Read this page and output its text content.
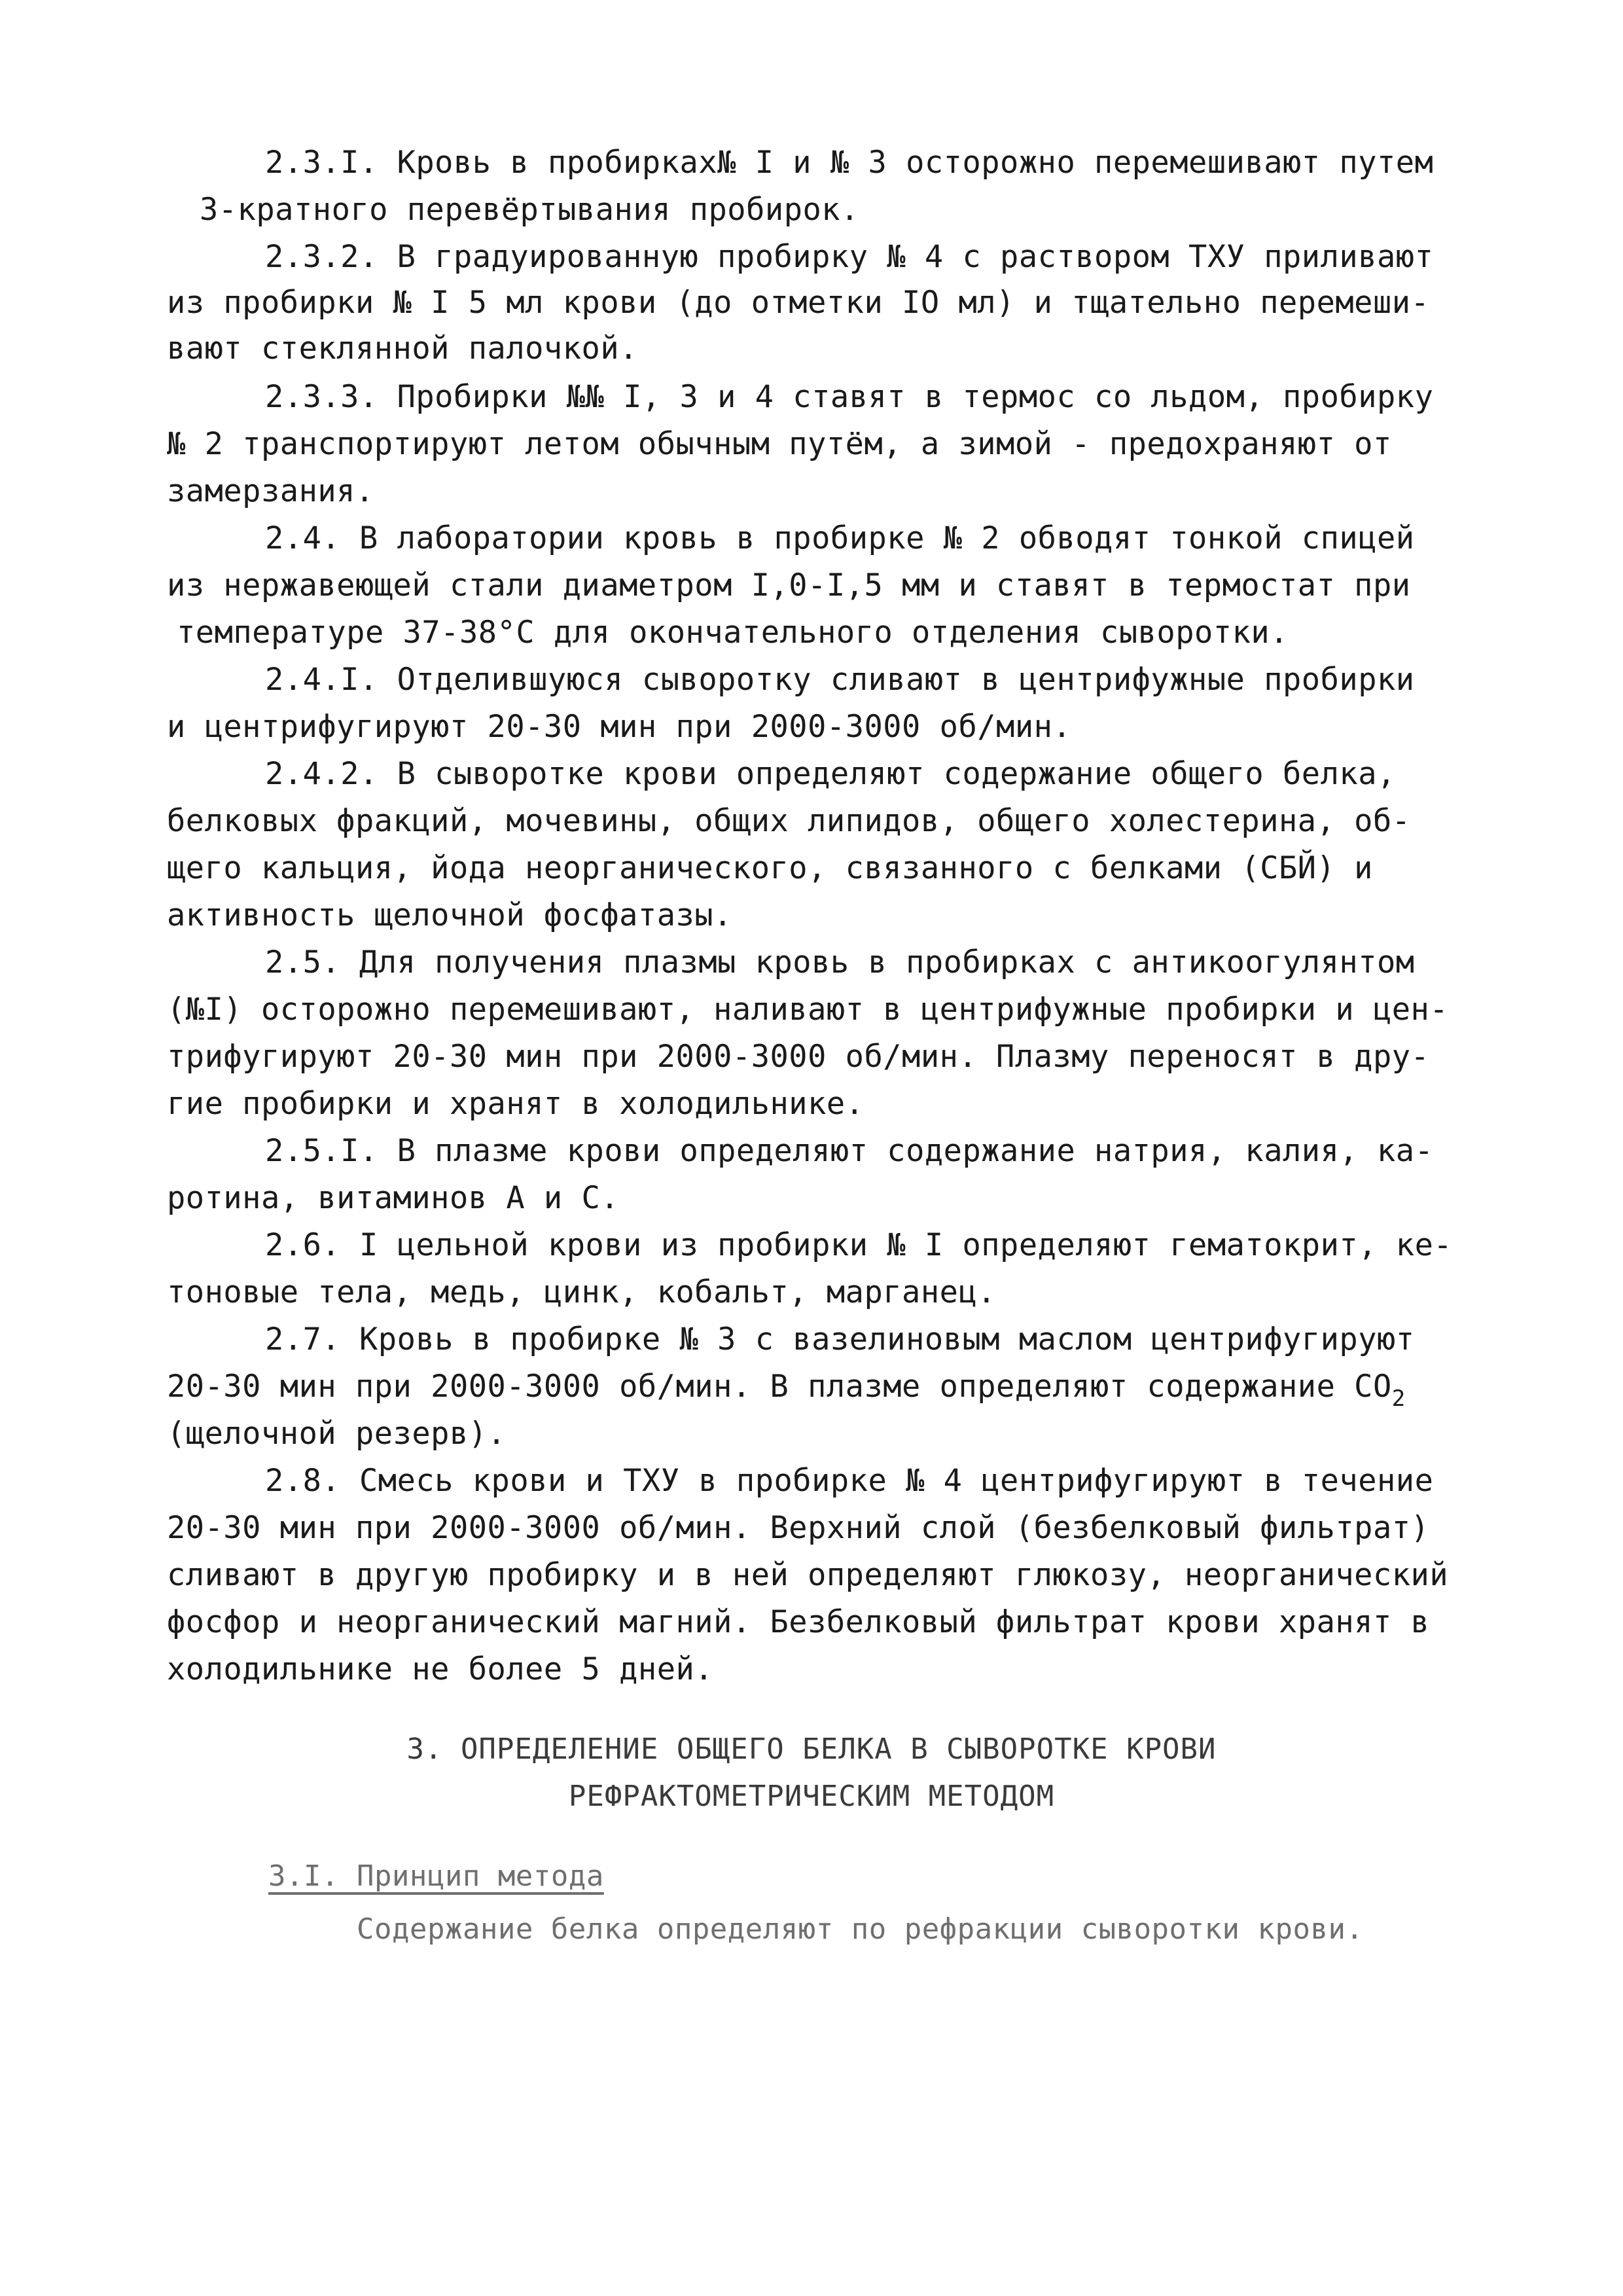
2.3.I. Кровь в пробирках№ I и № 3 осторожно перемешивают путем
3-кратного перевёртывания пробирок.
2.3.2. В градуированную пробирку № 4 с раствором ТХУ приливают
из пробирки № I 5 мл крови (до отметки IO мл) и тщательно перемеши-
вают стеклянной палочкой.
2.3.3. Пробирки №№ I, 3 и 4 ставят в термос со льдом, пробирку
№ 2 транспортируют летом обычным путём, а зимой - предохраняют от
замерзания.
2.4. В лаборатории кровь в пробирке № 2 обводят тонкой спицей
из нержавеющей стали диаметром I,0-I,5 мм и ставят в термостат при
температуре 37-38°С для окончательного отделения сыворотки.
2.4.I. Отделившуюся сыворотку сливают в центрифужные пробирки
и центрифугируют 20-30 мин при 2000-3000 об/мин.
2.4.2. В сыворотке крови определяют содержание общего белка,
белковых фракций, мочевины, общих липидов, общего холестерина, об-
щего кальция, йода неорганического, связанного с белками (СБЙ) и
активность щелочной фосфатазы.
2.5. Для получения плазмы кровь в пробирках с антикоогулянтом
(№I) осторожно перемешивают, наливают в центрифужные пробирки и цен-
трифугируют 20-30 мин при 2000-3000 об/мин. Плазму переносят в дру-
гие пробирки и хранят в холодильнике.
2.5.I. В плазме крови определяют содержание натрия, калия, ка-
ротина, витаминов А и С.
2.6. I цельной крови из пробирки № I определяют гематокрит, ке-
тоновые тела, медь, цинк, кобальт, марганец.
2.7. Кровь в пробирке № 3 с вазелиновым маслом центрифугируют
20-30 мин при 2000-3000 об/мин. В плазме определяют содержание $СО_2$
(щелочной резерв).
2.8. Смесь крови и ТХУ в пробирке № 4 центрифугируют в течение
20-30 мин при 2000-3000 об/мин. Верхний слой (безбелковый фильтрат)
сливают в другую пробирку и в ней определяют глюкозу, неорганический
фосфор и неорганический магний. Безбелковый фильтрат крови хранят в
холодильнике не более 5 дней.
3. ОПРЕДЕЛЕНИЕ ОБЩЕГО БЕЛКА В СЫВОРОТКЕ КРОВИ
РЕФРАКТОМЕТРИЧЕСКИМ МЕТОДОМ
3.I. Принцип метода
Содержание белка определяют по рефракции сыворотки крови.
